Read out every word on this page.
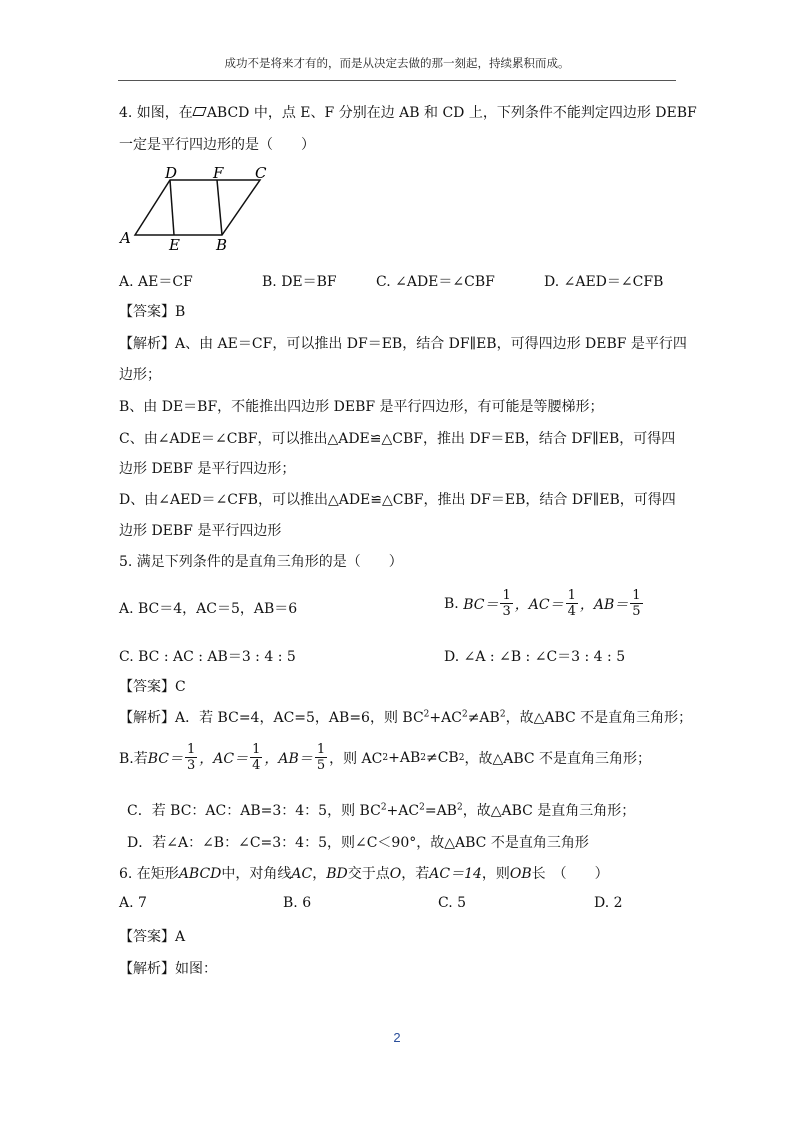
成功不是将来才有的，而是从决定去做的那一刻起，持续累积而成。
4. 如图，在 ABCD 中，点 E、F 分别在边 AB 和 CD 上，下列条件不能判定四边形 DEBF
一定是平行四边形的是（　　）
D F C
A	E B
A. AE＝CF	B. DE＝BF	C. ∠ADE＝∠CBF	D. ∠AED＝∠CFB
【答案】B
【解析】A、由 AE＝CF，可以推出 DF＝EB，结合 DF∥EB，可得四边形 DEBF 是平行四
边形；
B、由 DE＝BF，不能推出四边形 DEBF 是平行四边形，有可能是等腰梯形；
C、由∠ADE＝∠CBF，可以推出△ADE≌△CBF，推出 DF＝EB，结合 DF∥EB，可得四
边形 DEBF 是平行四边形；
D、由∠AED＝∠CFB，可以推出△ADE≌△CBF，推出 DF＝EB，结合 DF∥EB，可得四
边形 DEBF 是平行四边形
5. 满足下列条件的是直角三角形的是（　　）
A. BC＝4，AC＝5，AB＝6	B.
$BC= \frac{1}{3}$ ，$AC= \frac{1}{4}$ ，$AB= \frac{1}{5}$
C. BC : AC : AB＝3 : 4 : 5	D. ∠A : ∠B : ∠C＝3 : 4 : 5
【答案】C
【解析】A．若 BC=4，AC=5，AB=6，则 $BC^2+AC^2\ne AB^2$，故△ABC 不是直角三角形；
B.若 $BC= \frac{1}{3}$ ，$AC= \frac{1}{4}$ ，$AB= \frac{1}{5}$ ，则 AC 2 +AB 2 ≠CB 2 ，故△ABC 不是直角三角形；
C．若 BC：AC：AB=3：4：5，则 $BC^2+AC^2=AB^2$，故△ABC 是直角三角形；
D．若∠A：∠B：∠C=3：4：5，则∠C＜90°，故△ABC 不是直角三角形
6. 在矩形ABCD中，对角线AC，BD交于点O，若AC＝14，则OB长　（　　）
A. 7	B. 6	C. 5	D. 2
【答案】A
【解析】如图：
2
